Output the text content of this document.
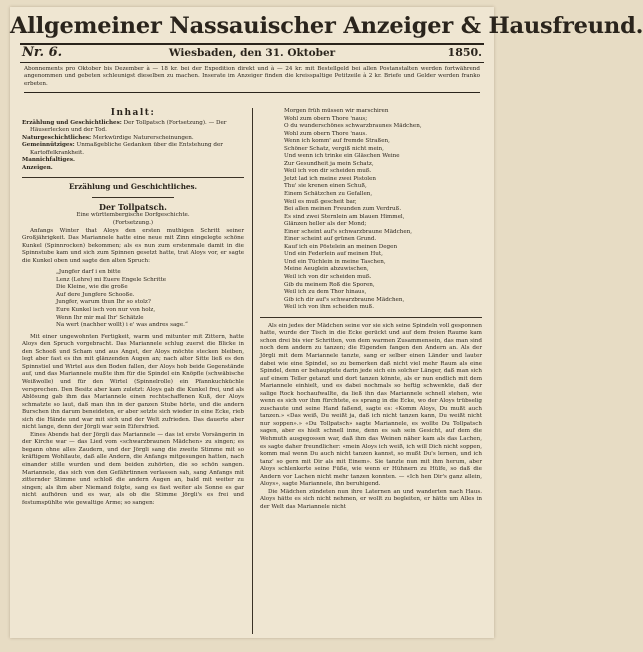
Allgemeiner Nassauischer Anzeiger & Hausfreund.
Nr. 6.	Wiesbaden, den 31. Oktober	1850.
Abonnements pro Oktober bis Dezember à — 18 kr. bei der Expedition direkt und à — 24 kr. mit Bestellgeld bei allen Postanstalten werden fortwährend angenommen und gebeten schleunigst dieselben zu machen. Inserate im Anzeiger finden die kreisspaltige Petitzeile à 2 kr. Briefe und Gelder werden franko erbeten.
Inhalt:

Erzählung und Geschichtliches: Der Tollpatsch (Fortsetzung). — Der Häuserlecken und der Tod.

Naturgeschichtliches: Merkwürdige Naturerscheinungen.

Gemeinnütziges: Unmaßgebliche Gedanken über die Entstehung der Kartoffelkrankheit.

Mannichfaltiges.

Anzeigen.

Erzählung und Geschichtliches.
Der Tollpatsch.
Eine württembergische Dorfgeschichte.
(Fortsetzung.)

Anfangs Winter that Aloys den ersten muthigen Schritt seiner Großjährigkeit. Das Mariannele hatte eine neue mit Zinn eingelegte schöne Kunkel (Spinnrocken) bekommen; als es nun zum erstenmale damit in die Spinnstube kam und sich zum Spinnen gesetzt hatte, trat Aloys vor, er sagte die Kunkel oben und sagte den alten Spruch:

„Jungfer darf i en bitte
Lenz (Lehre) mi Euere Engele Schritte
Die Kleine, wie die große
Auf dere Jungfere Schooße.
Jungfer, warum thun Ihr so stolz?
Eure Kunkel isch von nur von holz,
Wenn Ihr mir mal Ihr' Schätzle
Na wert (nachher wollt) i e' was andres sage.“

Mit einer ungewohnten Fertigkeit, warm und mitunter mit Zittern, hatte Aloys den Spruch vorgebracht. Das Mariannele schlug zuerst die Blicke in den Schooß und Scham und aus Angst, der Aloys möchte stecken bleiben, legt aber fast es ihn mit glänzenden Augen an; nach alter Sitte ließ es den Spinnstiel und Wirtel aus den Boden fallen, der Aloys hob beide Gegenstände auf, und das Mariannele mußte ihm für die Spindel ein Knöpfle (schwäbische Weißwolle) und für den Wirtel (Spinnelrolle) ein Pfannkuchküchle versprechen. Den Besitz aber kam zuletzt: Aloys gab die Kunkel frei, und als Ablösung gab ihm das Mariannele einen rechtschaffenen Kuß, der Aloys schmatzte so laut, daß man ihn in der ganzen Stube hörte, und die andern Burschen ihn darum beneideten, er aber setzte sich wieder in eine Ecke, rieb sich die Hände und war mit sich und der Welt zufrieden. Das dauerte aber nicht lange, denn der Jörgli war sein Eifersfried.

Eines Abends hat der Jörgli das Mariannele — das ist erste Vorsängerin in der Kirche war — das Lied vom «schwarzbraunen Mädchen» zu singen; es begann ohne alles Zaudern, und der Jörgli sang die zweite Stimme mit so kräftigem Wohllaute, daß alle Andern, die Anfangs mitgesungen hatten, nach einander stille wurden und dem beiden zuhörten, die so schön sangen. Mariannele, das sich von den Gefährtinnen verlassen sah, sang Anfangs mit zitternder Stimme und schloß die andern Augen an, bald mit weiter zu singen; als ihm aber Niemand folgte, sang es fast weiter als Sonne es gar nicht aufhören und es war, als ob die Stimme Jörgli's es frei und festumspühlte wie gewaltige Arme; so sangen:

Morgen früh müssen wir marschiren
Wohl zum obern Thore 'naus;
O du wunderschönes schwarzbraunes Mädchen,
Wohl zum obern Thore 'naus.
Wenn ich komm' auf fremde Straßen,
Schöner Schatz, vergiß nicht mein,
Und wenn ich trinke ein Gläschen Weine
Zur Gesundheit ja mein Schatz,
Weil ich von dir scheiden muß.
Jetzt lad ich meine zwei Pistolen
Thu' sie krenen einen Schuß,
Einem Schätzchen zu Gefallen,
Weil es muß gescheit bar,
Bei allen meinen Freunden zum Verdruß.
Es sind zwei Sternlein am blauen Himmel,
Glänzen heller als der Mond;
Einer scheint auf's schwarzbraune Mädchen,
Einer scheint auf grünen Grund.
Kauf ich ein Pöstelein an meinen Degen
Und ein Federlein auf meinen Hut,
Und ein Tüchlein in meine Taschen,
Meine Aeuglein abzuwischen,
Weil ich von dir scheiden muß.
Gib du meinem Roß die Sporen,
Weil ich zu dem Thor hinaus,
Gib ich dir auf's schwarzbraune Mädchen,
Weil ich von ihm scheiden muß.

Als ein jedes der Mädchen seine vor sie sich seine Spindeln voll gesponnen hatte, wurde der Tisch in die Ecke gerückt und auf dem freien Raume kam schon drei bis vier Schritten, von dem warmen Zusammensein, das man sind noch dem andern zu tanzen; die Eigenden fangen den Andern an. Als der Jörgli mit dem Mariannele tanzte, sang er selber einen Länder und lauter dabei wie eine Spindel, so zu bemerken daß nicht viel mehr Raum als eine Spindel, denn er behauptete darin jede sich ein solcher Länger, daß man sich auf einem Teller getanzt und dort tanzen könnte, als er nun endlich mit dem Mariannele einhielt, und es dabei nochmals so heftig schwenkte, daß der salige Rock hochaufwallte, da ließ ihn das Mariannele schnell stehen, wie wenn es sich vor ihm fürchtete, es sprang in die Ecke, wo der Aloys trübselig zuschaute und seine Hand faßend, sagte es: «Komm Aloys, Du mußt auch tanzen.» «Das weiß, Du weißt ja, daß ich nicht tanzen kann, Du weißt nicht nur soppen».» «Du Tollpatsch» sagte Mariannele, es wollte Du Tollpatsch sagen, aber es hielt schnell inne, denn es sah sein Gesicht, auf dem die Wehmuth ausgegossen war, daß ihm das Weinen näher kam als das Lachen, es sagte daher freundlicher: «mein Aloys ich weiß, ich will Dich nicht soppen, komm mal wenn Du auch nicht tanzen kannst, so mußt Du's lernen, und ich tanz' so gern mit Dir als mit Einem». Sie tanzte nun mit ihm herum, aber Aloys schlenkerte seine Füße, wie wenn er Hühnern zu Hülfe, so daß die Andern vor Lachen nicht mehr tanzen konnten. — «Ich hen Dir's ganz allein, Aloys», sagte Mariannele, ihn beruhigend.

Die Mädchen zündeten nun ihre Laternen an und wanderten nach Haus. Aloys hätte es sich nicht nehmen, er wollt zu begleiten, er hätte um Alles in der Welt das Mariannele nicht
